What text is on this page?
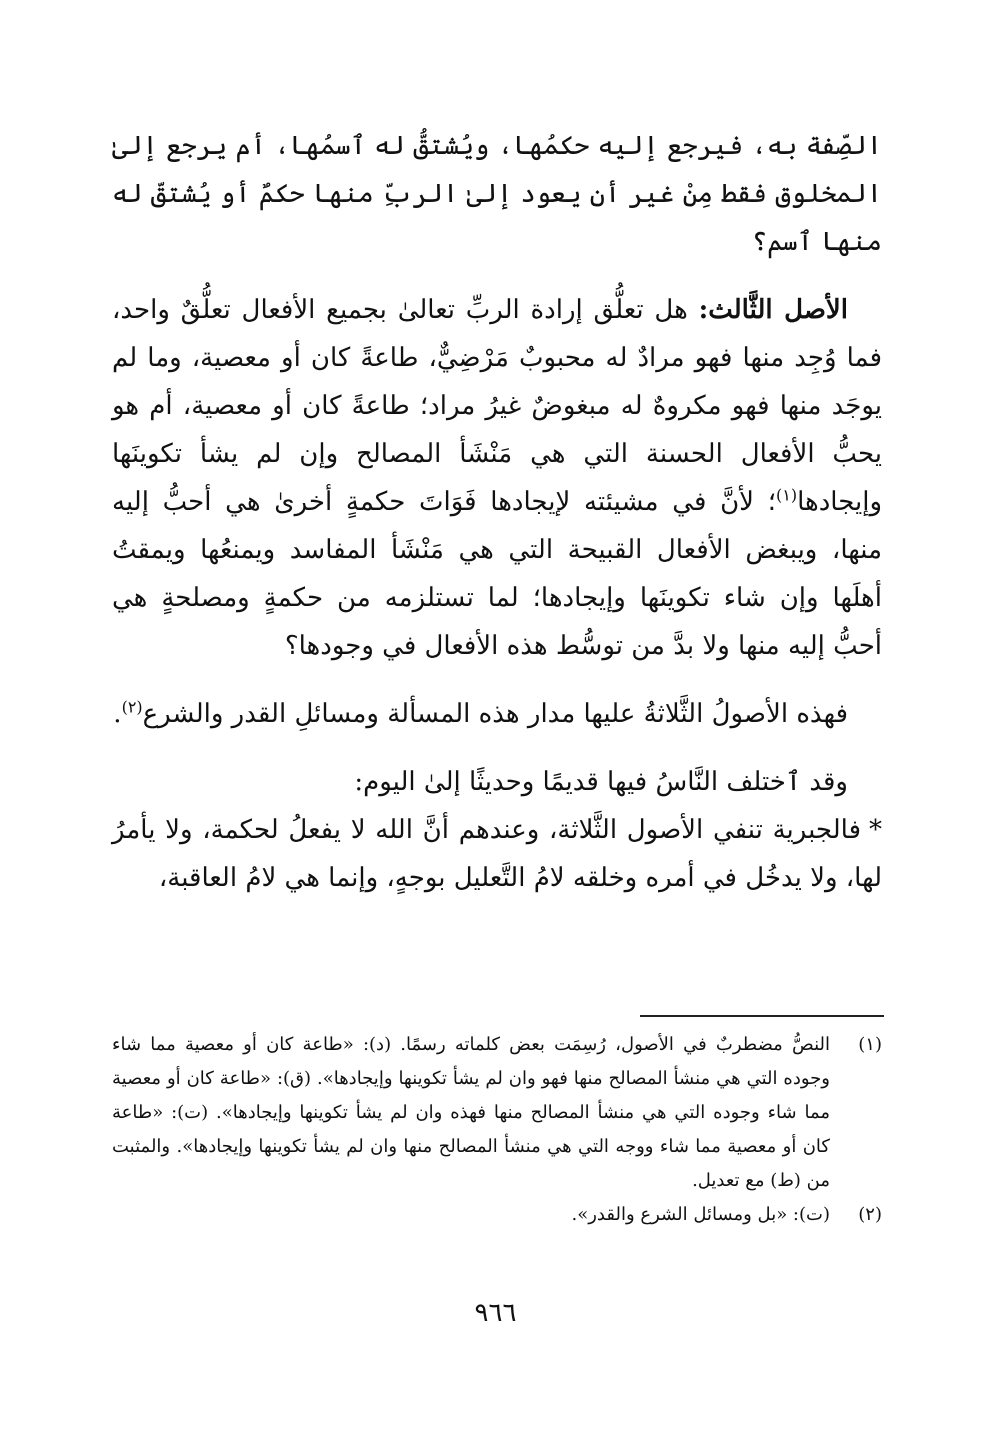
الصِّفة به، فيرجع إليه حكمُها، ويُشتقُّ له ٱسمُها، أم يرجع إلىٰ المخلوق فقط مِنْ غير أن يعود إلىٰ الربِّ منها حكمٌ أو يُشتقّ له منها ٱسم؟

الأصل الثَّالث: هل تعلُّق إرادة الربِّ تعالىٰ بجميع الأفعال تعلُّقٌ واحد، فما وُجِد منها فهو مرادٌ له محبوبٌ مَرْضِيٌّ، طاعةً كان أو معصية، وما لم يوجَد منها فهو مكروهٌ له مبغوضٌ غيرُ مراد؛ طاعةً كان أو معصية، أم هو يحبُّ الأفعال الحسنة التي هي مَنْشَأ المصالح وإن لم يشأ تكوينَها وإيجادها$^{(١)}$؛ لأنَّ في مشيئته لإيجادها فَوَاتَ حكمةٍ أخرىٰ هي أحبُّ إليه منها، ويبغض الأفعال القبيحة التي هي مَنْشَأ المفاسد ويمنعُها ويمقتُ أهلَها وإن شاء تكوينَها وإيجادها؛ لما تستلزمه من حكمةٍ ومصلحةٍ هي أحبُّ إليه منها ولا بدَّ من توسُّط هذه الأفعال في وجودها؟

فهذه الأصولُ الثَّلاثةُ عليها مدار هذه المسألة ومسائلِ القدر والشرع$^{(٢)}$.

وقد ٱختلف النَّاسُ فيها قديمًا وحديثًا إلىٰ اليوم:

*فالجبرية تنفي الأصول الثَّلاثة، وعندهم أنَّ الله لا يفعلُ لحكمة، ولا يأمرُ لها، ولا يدخُل في أمره وخلقه لامُ التَّعليل بوجهٍ، وإنما هي لامُ العاقبة،

(١)
النصُّ مضطربٌ في الأصول، رُسِمَت بعض كلماته رسمًا. (د): «طاعة كان أو معصية مما شاء وجوده التي هي منشأ المصالح منها فهو وان لم يشأ تكوينها وإيجادها». (ق): «طاعة كان أو معصية مما شاء وجوده التي هي منشأ المصالح منها فهذه وان لم يشأ تكوينها وإيجادها». (ت): «طاعة كان أو معصية مما شاء ووجه التي هي منشأ المصالح منها وان لم يشأ تكوينها وإيجادها». والمثبت من (ط) مع تعديل.
(٢)
(ت): «بل ومسائل الشرع والقدر».
٩٦٦
